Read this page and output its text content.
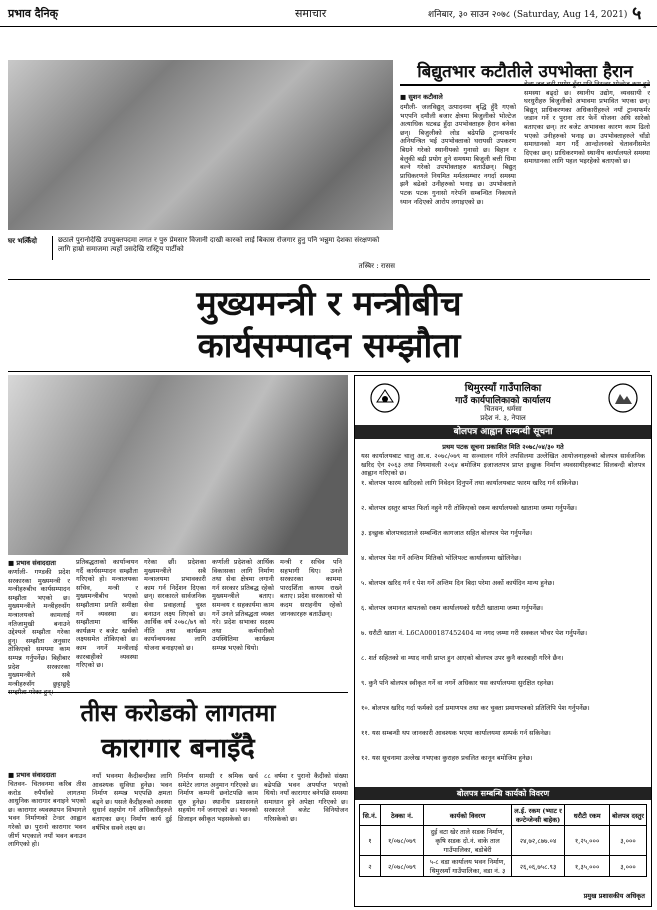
प्रभाव दैनिक्	समाचार	शनिबार, ३० साउन २०७८ (Saturday, Aug 14, 2021) ५
घर भत्किँदो	छठाले पुरानोदेखि उपयुक्तपदमा लगत र पुरु प्रेमसार विजानी दाखी कारको लाई बिकास रोजगार हुनु पनि भन्नुमा देशका संरक्षणको लागि हाम्रो समाजमा त्यहाँ उसदेखि रास्ट्रिय पार्टीको
तस्बिर : रासस
बिद्युतभार कटौतीले उपभोक्ता हैरान
■ सुशन कटौवाले
दमौली- जलविद्युत्‌ उत्पादनमा बृद्धि हुँदै गएको भएपनि दमौली बजार क्षेत्रमा बिजुलीको भोल्टेज अत्याधिक घटबढ हुँदा उपभोक्ताहरु हैरान बनेका छन्। बिजुलीको लोड बढेपछि ट्रान्सफर्मर अनियन्त्रित भई उपभोक्ताको घरायसी उपकरण बिग्रने गरेको स्थानीयको गुनासो छ। बिहान र बेलुकी बढी प्रयोग हुने समयमा बिजुली बत्ती धिमा बल्ने गरेको उपभोक्ताहरु बताउँछन्। बिद्युत्‌ प्राधिकरणले नियमित मर्मतसम्भार नगर्दा समस्या झनै बढेको उनीहरुको भनाइ छ। उपभोक्ताले पटक पटक गुनासो गरेपनि सम्बन्धित निकायले ध्यान नदिएको आरोप लगाइएको छ।
बेला जब बढी प्रयोग हुँदा पनि निरन्तर भोल्टेज कम हुने समस्या बढ्दो छ। स्थानीय उद्योग, व्यवसायी र घरधुरीहरु बिजुलीको अभावमा प्रभावित भएका छन्। बिद्युत्‌ प्राधिकरणका अधिकारीहरुले नयाँ ट्रान्सफर्मर जडान गर्ने र पुराना तार फेर्ने योजना अघि सारेको बताएका छन्। तर बजेट अभावका कारण काम ढिलो भएको उनीहरुको भनाइ छ। उपभोक्ताहरुले चाँडो समाधानको माग गर्दै आन्दोलनको चेतावनीसमेत दिएका छन्। प्राधिकरणको स्थानीय कार्यालयले समस्या समाधानका लागि पहल भइरहेको बताएको छ।
मुख्यमन्त्री र मन्त्रीबीच
कार्यसम्पादन सम्झौता
■ प्रभाव संवाददाता
कर्णाली- गण्डकी प्रदेश सरकारका मुख्यमन्त्री र मन्त्रीहरुबीच कार्यसम्पादन सम्झौता भएको छ। मुख्यमन्त्रीले मन्त्रीहरुसँग मन्त्रालयको कामलाई नतिजामुखी बनाउने उद्देश्यले सम्झौता गरेका हुन्। सम्झौता अनुसार तोकिएको समयमा काम सम्पन्न गर्नुपर्नेछ। बिहीबार प्रदेश सरकारका मुख्यमन्त्रीले सबै मन्त्रीहरुसँग छुट्टाछुट्टै
प्रतिबद्धताको कार्यान्वयन गर्दै कार्यसम्पादन सम्झौता गरिएको हो। मन्त्रालयका सचिव, मन्त्री र मुख्यमन्त्रीबीच भएको सम्झौतामा प्रगति समीक्षा गर्ने व्यवस्था छ। सम्झौतामा वार्षिक कार्यक्रम र बजेट खर्चको लक्ष्यसमेत तोकिएको छ। काम नगर्ने मन्त्रीलाई कारबाहीको व्यवस्था गरिएको छ।
गरेका छौं। प्रदेशका मुख्यमन्त्रीले सबै मन्त्रालयमा प्रभावकारी काम गर्न निर्देशन दिएका छन्। सरकारले सार्वजनिक सेवा प्रवाहलाई चुस्त बनाउन लक्ष्य लिएको छ। आर्थिक वर्ष २०७८/७९ को नीति तथा कार्यक्रम कार्यान्वयनका लागि योजना बनाइएको छ।
कर्णाली प्रदेशको आर्थिक विकासका लागि निर्माण तथा सेवा क्षेत्रमा लगानी गर्न सरकार प्रतिबद्ध रहेको मुख्यमन्त्रीले बताए। समन्वय र सहकार्यमा काम गर्ने उनले प्रतिबद्धता व्यक्त गरे। प्रदेश सभाका सदस्य तथा कर्मचारीको उपस्थितिमा कार्यक्रम सम्पन्न भएको थियो।
मन्त्री र सचिव पनि सहभागी थिए। उनले सरकारका काममा पारदर्शिता कायम राख्ने बताए। प्रदेश सरकारको यो कदम सराहनीय रहेको जानकारहरु बताउँछन्।
तीस करोडको लागतमा
कारागार बनाइँदै
■ प्रभाव संवाददाता
चितवन- चितवनमा करिब तीस करोड रुपैयाँको लागतमा आधुनिक कारागार बनाइने भएको छ। कारागार व्यवस्थापन विभागले भवन निर्माणको टेन्डर आह्वान गरेको छ। पुरानो कारागार भवन जीर्ण भएकाले नयाँ भवन बनाउन लागिएको हो।
नयाँ भवनमा कैदीबन्दीका लागि आवश्यक सुविधा हुनेछ। भवन निर्माण सम्पन्न भएपछि क्षमता बढ्ने छ। यसले कैदीहरुको अवस्था सुधार्न सहयोग गर्ने अधिकारीहरुले बताएका छन्। निर्माण कार्य दुई वर्षभित्र सक्ने लक्ष्य छ।
निर्माण सामग्री र श्रमिक खर्च समेटेर लागत अनुमान गरिएको छ। निर्माण कम्पनी छनोटपछि काम सुरु हुनेछ। स्थानीय प्रशासनले सहयोग गर्ने जनाएको छ। भवनको डिजाइन स्वीकृत भइसकेको छ।
८८ वर्षमा र पुरानो कैदीको संख्या बढेपछि भवन अपर्याप्त भएको थियो। नयाँ कारागार बनेपछि समस्या समाधान हुने अपेक्षा गरिएको छ। सरकारले बजेट विनियोजन गरिसकेको छ।
थिमुरस्याँ गाउँपालिका
गाउँ कार्यपालिकाको कार्यालय
चितवन, धर्मसा
प्रदेश नं. ३, नेपाल
बोलपत्र आह्वान सम्बन्धी सूचना
प्रथम पटक सूचना प्रकाशित मिति २०७८/०४/३० गते
यस कार्यालयबाट चालु आ.व. २०७८/०७९ मा सञ्चालन गरिने तपसिलमा उल्लेखित आयोजनाहरुको बोलपत्र सार्वजनिक खरिद ऐन २०६३ तथा नियमावली २०६४ बमोजिम इजाजतपत्र प्राप्त इच्छुक निर्माण व्यवसायीहरुबाट सिलबन्दी बोलपत्र आह्वान गरिएको छ।
१. बोलपत्र फारम खरिदको लागि निवेदन दिनुपर्ने तथा कार्यालयबाट फारम खरिद गर्न सकिनेछ।
२. बोलपत्र दस्तुर बापत फिर्ता नहुने गरी तोकिएको रकम कार्यालयको खातामा जम्मा गर्नुपर्नेछ।
३. इच्छुक बोलपत्रदाताले सम्बन्धित कागजात सहित बोलपत्र पेश गर्नुपर्नेछ।
४. बोलपत्र पेश गर्ने अन्तिम मितिको भोलिपल्ट कार्यालयमा खोलिनेछ।
५. बोलपत्र खरिद गर्न र पेश गर्ने अन्तिम दिन बिदा परेमा अर्को कार्यदिन मान्य हुनेछ।
६. बोलपत्र जमानत बापतको रकम कार्यालयको धरौटी खातामा जम्मा गर्नुपर्नेछ।
७. धरौटी खाता नं. L6CA000187452404 मा नगद जम्मा गरी सक्कल भौचर पेश गर्नुपर्नेछ।
८. शर्त सहितको वा म्याद नाघी प्राप्त हुन आएको बोलपत्र उपर कुनै कारबाही गरिने छैन।
९. कुनै पनि बोलपत्र स्वीकृत गर्ने वा नगर्ने अधिकार यस कार्यालयमा सुरक्षित रहनेछ।
१०. बोलपत्र खरिद गर्दा फर्मको दर्ता प्रमाणपत्र तथा कर चुक्ता प्रमाणपत्रको प्रतिलिपि पेश गर्नुपर्नेछ।
११. यस सम्बन्धी थप जानकारी आवश्यक भएमा कार्यालयमा सम्पर्क गर्न सकिनेछ।
१२. यस सूचनामा उल्लेख नभएका कुराहरु प्रचलित कानून बमोजिम हुनेछ।
बोलपत्र सम्बन्धि कार्यको विवरण
सि.नं.	ठेक्का नं.	कार्यको विवरण	ल.ई. रकम (भ्याट र कन्टेन्जेन्सी बाहेक)	धरौटी रकम	बोलपत्र दस्तुर
१	१/०७८/०७९	दुई वटा खेर ताले सडक निर्माण, कृषि सडक दो.नं. वाके ताल गाउँपालिका, बडोबेरी	२४,७२,८७७.०४	१,२५,०००	३,०००
२	२/०७८/०७९	५-८ वडा कार्यालय भवन निर्माण, थिमुरस्याँ गाउँपालिका, वडा नं. ३	२६,०६,७५८.९३	१,३५,०००	३,०००
प्रमुख प्रशासकीय अधिकृत
